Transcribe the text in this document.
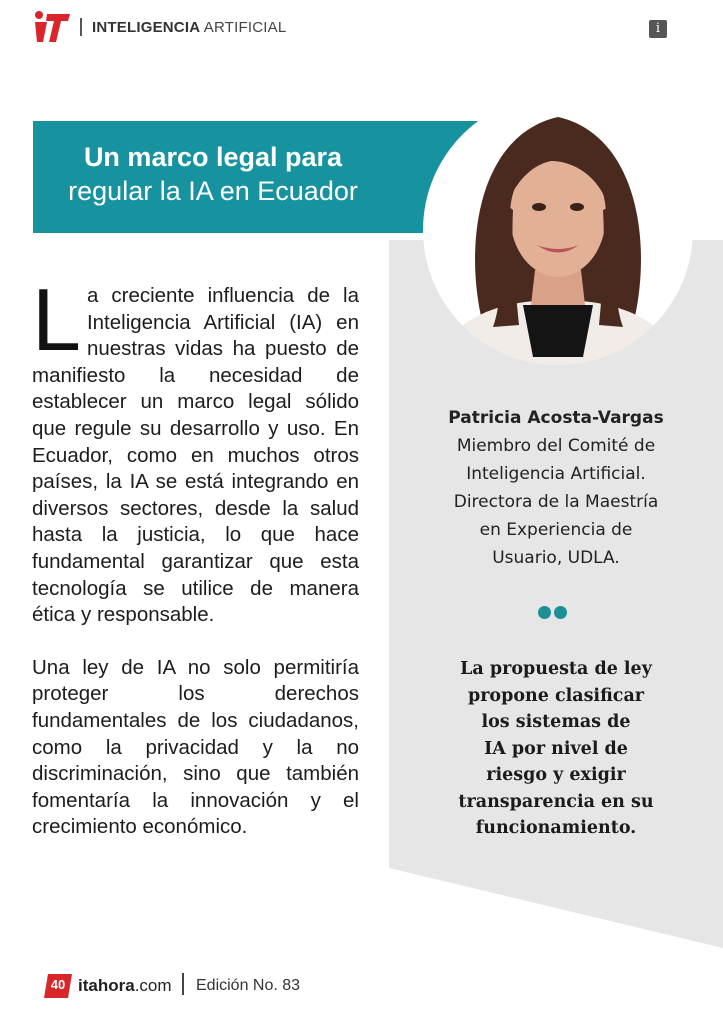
INTELIGENCIA ARTIFICIAL	i
Un marco legal para
regular la IA en Ecuador

La creciente influencia de la Inteligencia Artificial (IA) en nuestras vidas ha puesto de manifiesto la necesidad de establecer un marco legal sólido que regule su desarrollo y uso. En Ecuador, como en muchos otros países, la IA se está integrando en diversos sectores, desde la salud hasta la justicia, lo que hace fundamental garantizar que esta tecnología se utilice de manera ética y responsable.

Una ley de IA no solo permitiría proteger los derechos fundamentales de los ciudadanos, como la privacidad y la no discriminación, sino que también fomentaría la innovación y el crecimiento económico.

Patricia Acosta-Vargas
Miembro del Comité de
Inteligencia Artificial.
Directora de la Maestría
en Experiencia de
Usuario, UDLA.
La propuesta de ley
propone clasificar
los sistemas de
IA por nivel de
riesgo y exigir
transparencia en su
funcionamiento.
40 itahora.com Edición No. 83
